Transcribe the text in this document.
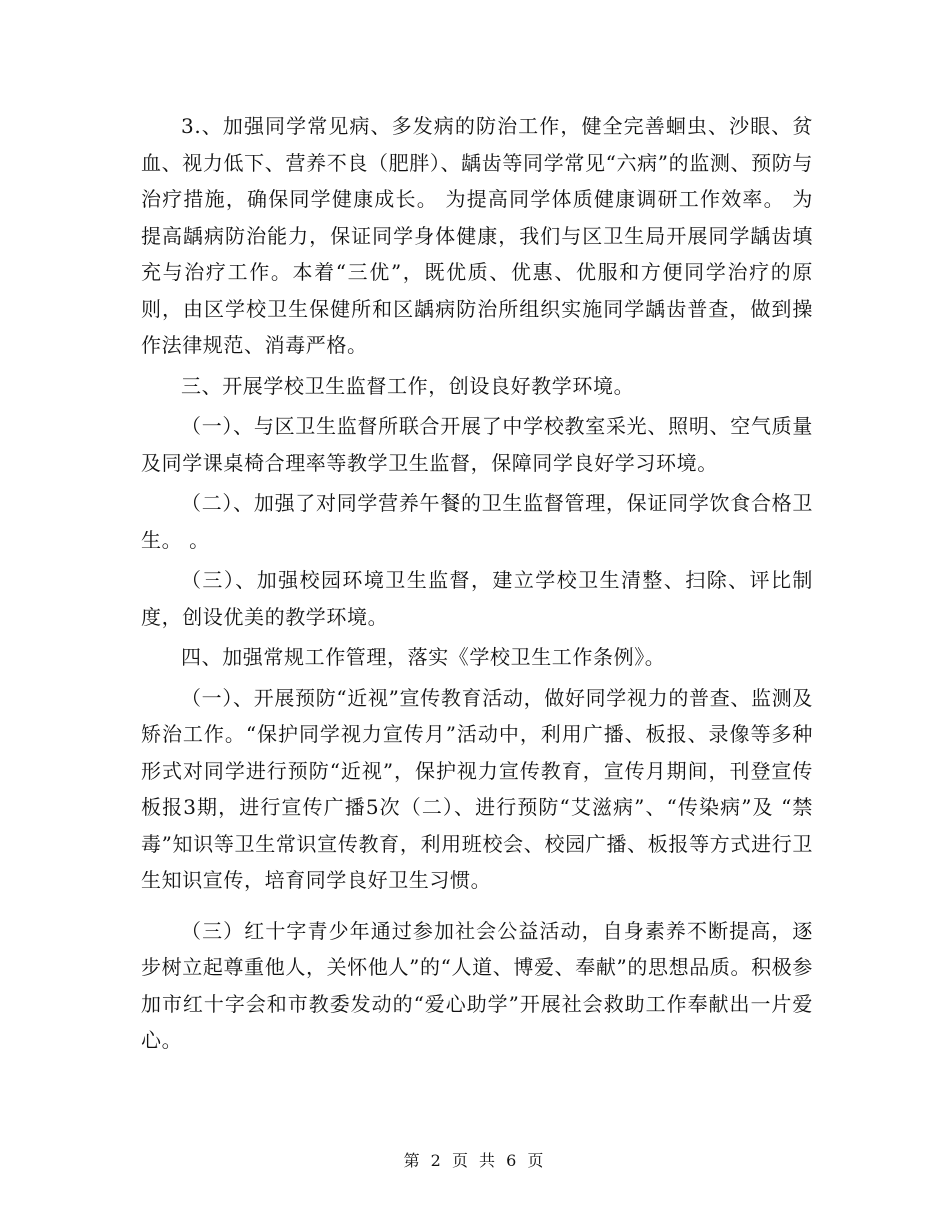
3.、加强同学常见病、多发病的防治工作，健全完善蛔虫、沙眼、贫血、视力低下、营养不良（肥胖）、龋齿等同学常见“六病”的监测、预防与治疗措施，确保同学健康成长。 为提高同学体质健康调研工作效率。 为提高龋病防治能力，保证同学身体健康，我们与区卫生局开展同学龋齿填充与治疗工作。本着“三优”，既优质、优惠、优服和方便同学治疗的原则，由区学校卫生保健所和区龋病防治所组织实施同学龋齿普查，做到操作法律规范、消毒严格。

三、开展学校卫生监督工作，创设良好教学环境。

（一）、与区卫生监督所联合开展了中学校教室采光、照明、空气质量及同学课桌椅合理率等教学卫生监督，保障同学良好学习环境。

（二）、加强了对同学营养午餐的卫生监督管理，保证同学饮食合格卫生。 。

（三）、加强校园环境卫生监督，建立学校卫生清整、扫除、评比制度，创设优美的教学环境。

四、加强常规工作管理，落实《学校卫生工作条例》。

（一）、开展预防“近视”宣传教育活动，做好同学视力的普查、监测及矫治工作。“保护同学视力宣传月”活动中，利用广播、板报、录像等多种形式对同学进行预防“近视”，保护视力宣传教育，宣传月期间，刊登宣传板报3期，进行宣传广播5次（二）、进行预防“艾滋病”、“传染病”及 “禁毒”知识等卫生常识宣传教育，利用班校会、校园广播、板报等方式进行卫生知识宣传，培育同学良好卫生习惯。

（三）红十字青少年通过参加社会公益活动，自身素养不断提高，逐步树立起尊重他人，关怀他人”的“人道、博爱、奉献”的思想品质。积极参加市红十字会和市教委发动的“爱心助学”开展社会救助工作奉献出一片爱心。

第 2 页 共 6 页
